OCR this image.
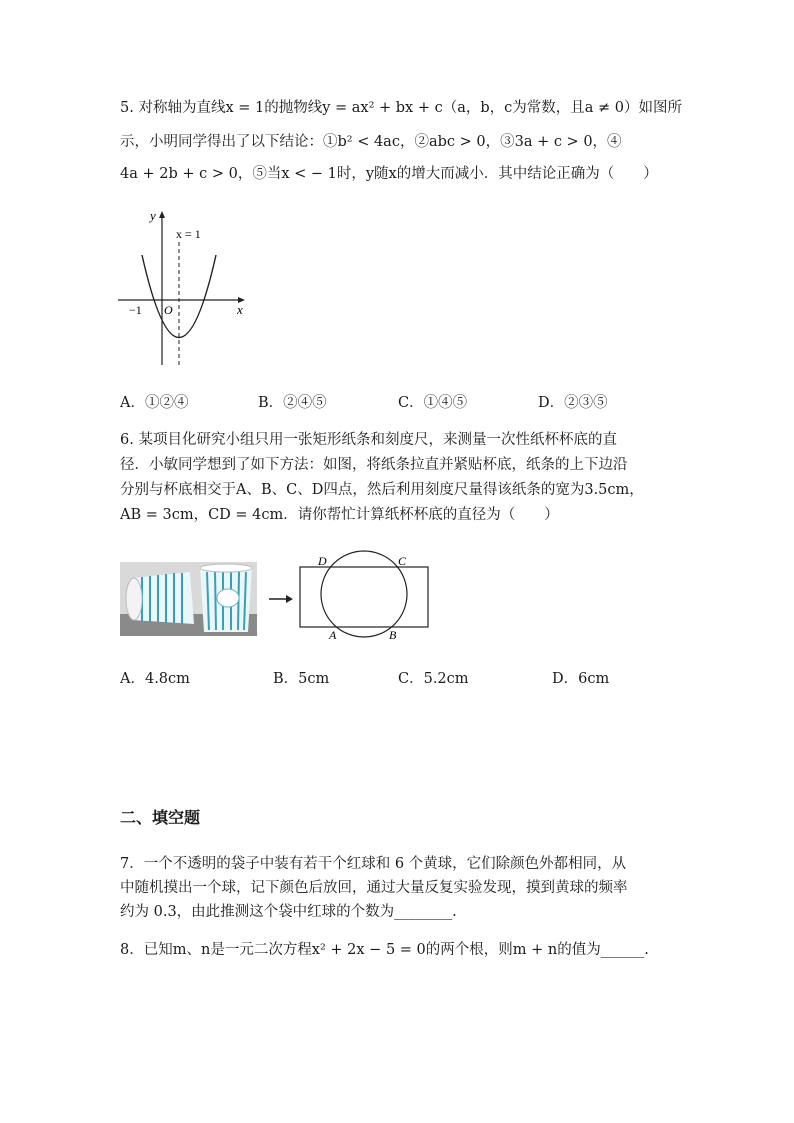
5. 对称轴为直线x = 1的抛物线y = ax² + bx + c（a，b，c为常数，且a ≠ 0）如图所
示，小明同学得出了以下结论：①b² < 4ac，②abc > 0，③3a + c > 0，④
4a + 2b + c > 0，⑤当x < − 1时，y随x的增大而减小．其中结论正确为（　　）
y
x
O
−1
x = 1
A．①②④	B．②④⑤	C．①④⑤	D．②③⑤
6. 某项目化研究小组只用一张矩形纸条和刻度尺，来测量一次性纸杯杯底的直
径．小敏同学想到了如下方法：如图，将纸条拉直并紧贴杯底，纸条的上下边沿
分别与杯底相交于A、B、C、D四点，然后利用刻度尺量得该纸条的宽为3.5cm，
AB = 3cm，CD = 4cm．请你帮忙计算纸杯杯底的直径为（　　）
D	C
A	B
A．4.8cm	B．5cm	C．5.2cm	D．6cm
二、填空题
7．一个不透明的袋子中装有若干个红球和 6 个黄球，它们除颜色外都相同，从
中随机摸出一个球，记下颜色后放回，通过大量反复实验发现，摸到黄球的频率
约为 0.3，由此推测这个袋中红球的个数为________.
8．已知m、n是一元二次方程x² + 2x − 5 = 0的两个根，则m + n的值为______.
